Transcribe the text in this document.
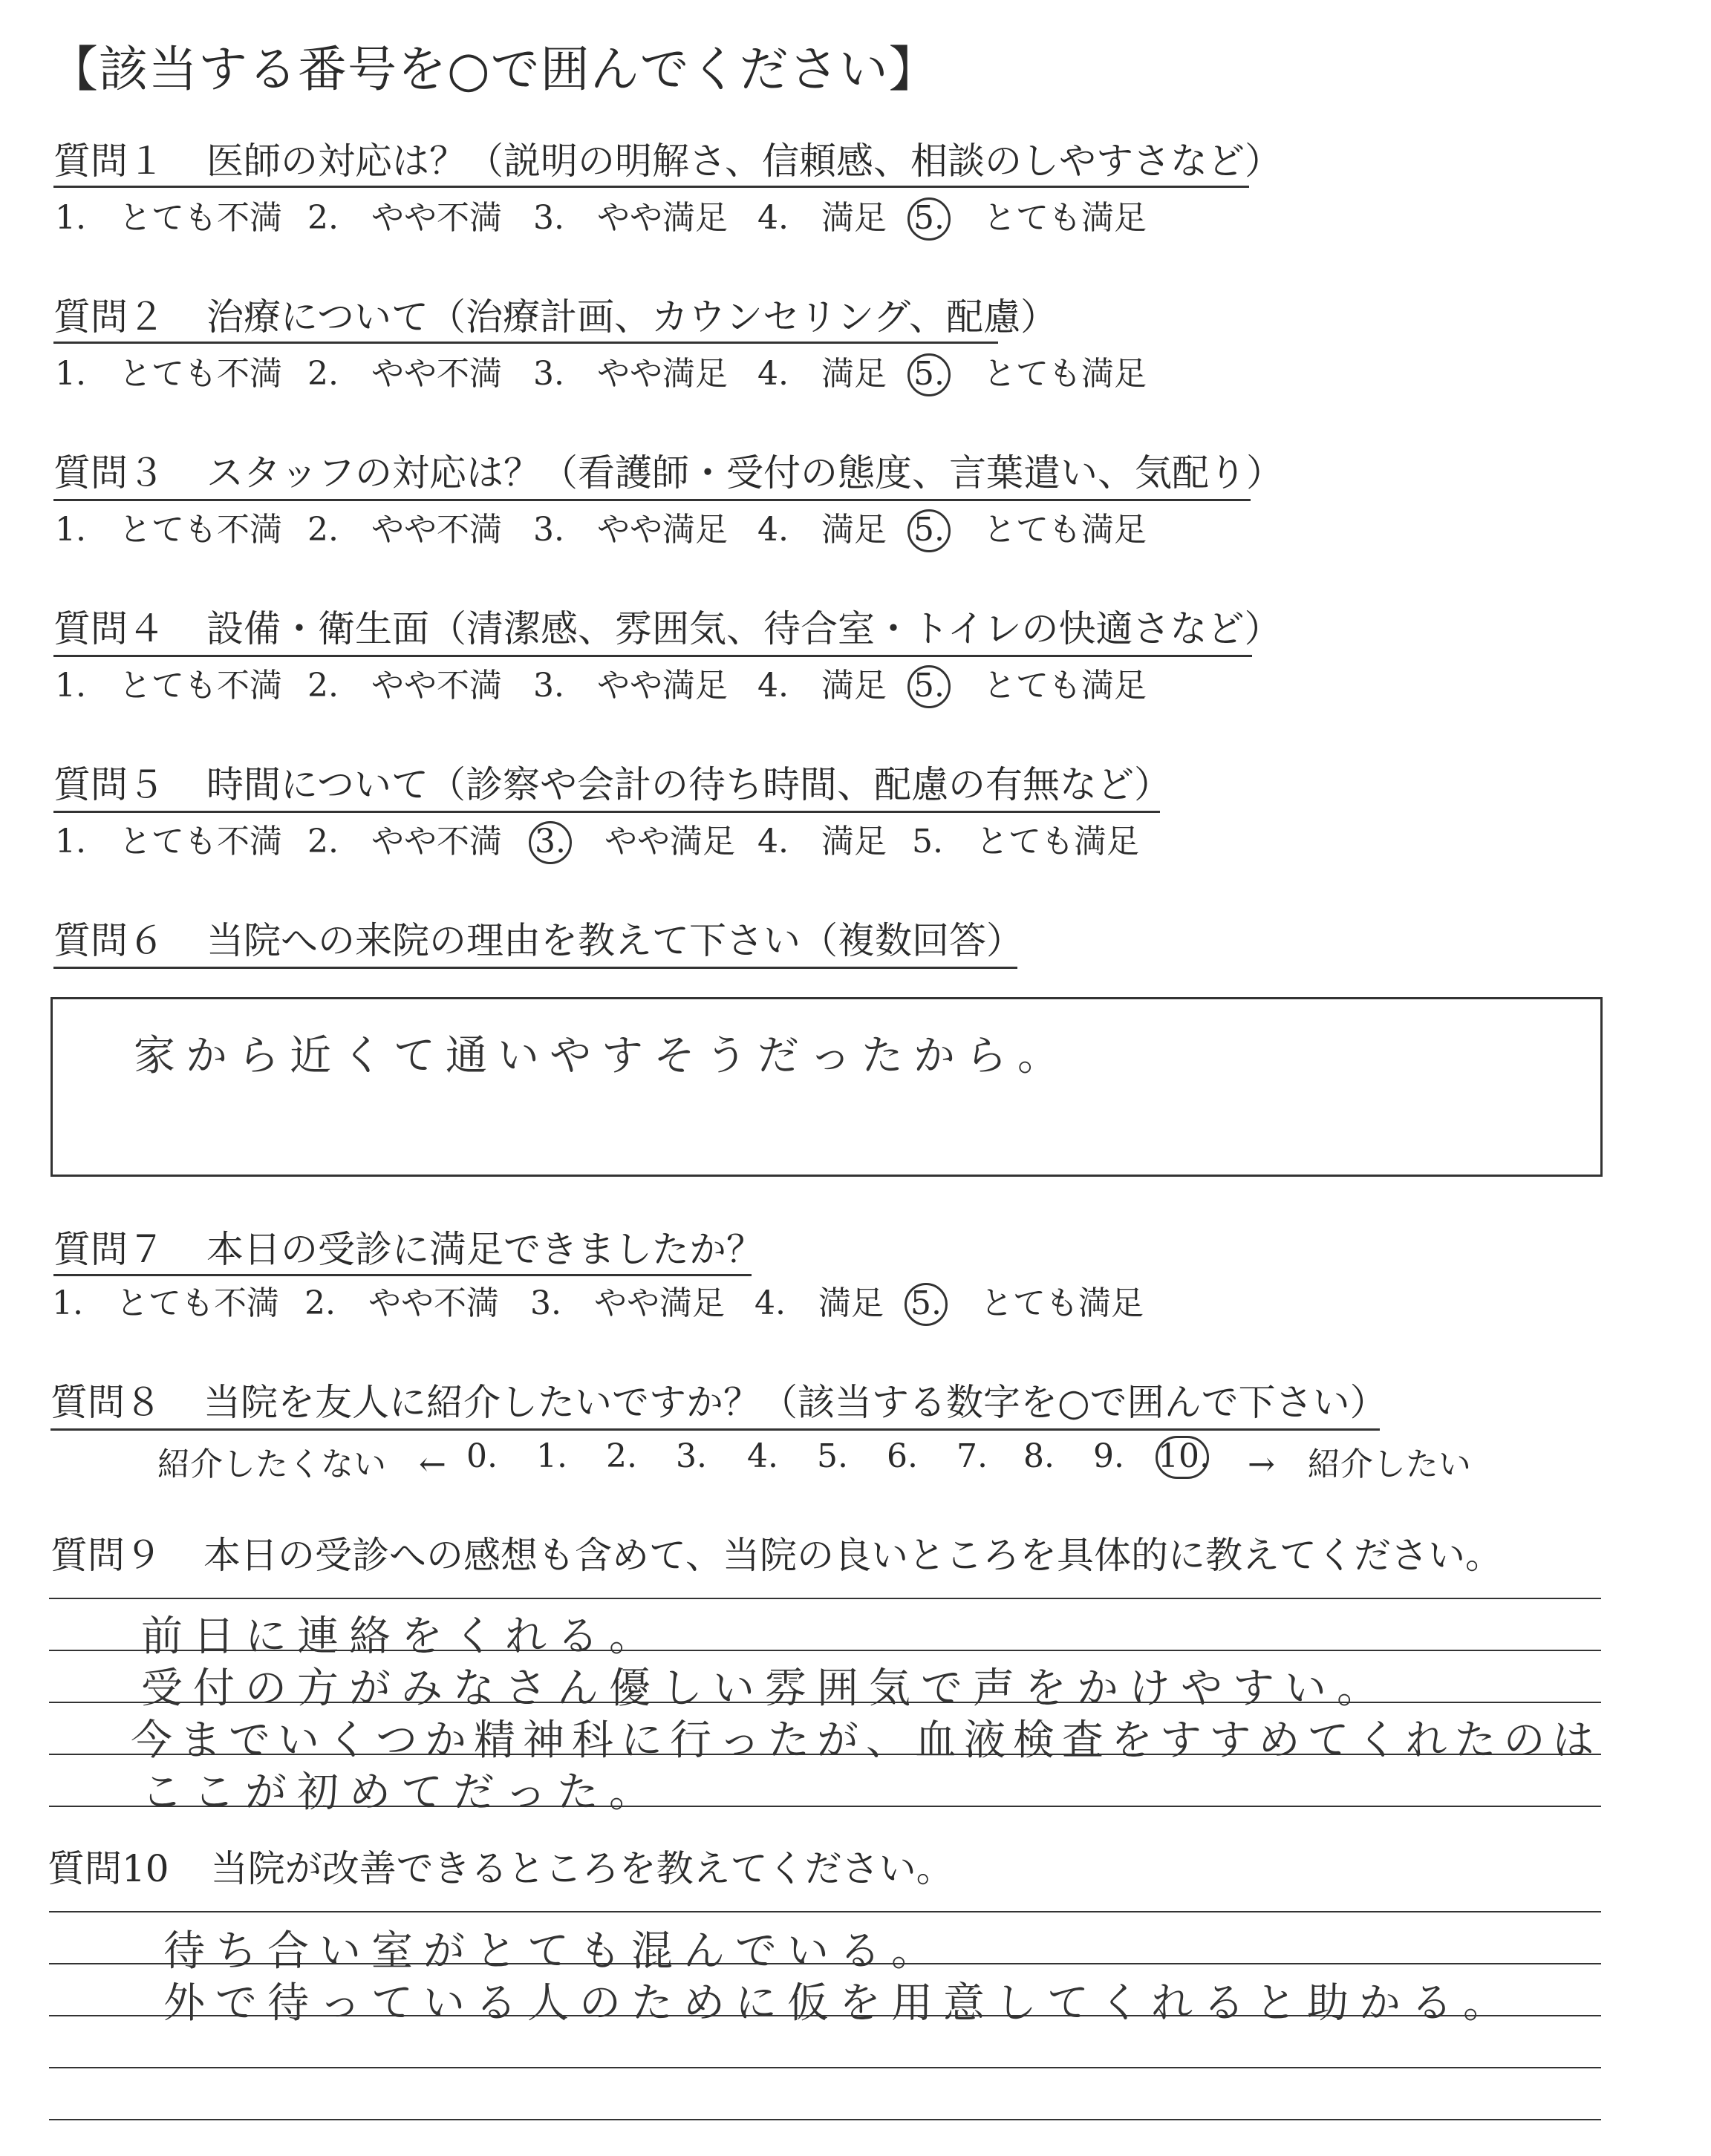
【該当する番号を○で囲んでください】
質問１ 医師の対応は？（説明の明解さ、信頼感、相談のしやすさなど）
1.　とても不満 2.　やや不満 3.　やや満足 4.　満足 5.　 とても満足
質問２ 治療について（治療計画、カウンセリング、配慮）
1.　とても不満 2.　やや不満 3.　やや満足 4.　満足 5.　 とても満足
質問３ スタッフの対応は？（看護師・受付の態度、言葉遣い、気配り）
1.　とても不満 2.　やや不満 3.　やや満足 4.　満足 5.　 とても満足
質問４ 設備・衛生面（清潔感、雰囲気、待合室・トイレの快適さなど）
1.　とても不満 2.　やや不満 3.　やや満足 4.　満足 5.　 とても満足
質問５ 時間について（診察や会計の待ち時間、配慮の有無など）
1.　とても不満 2.　やや不満 3.　 やや満足 4.　満足 5.　 とても満足
質問６ 当院への来院の理由を教えて下さい（複数回答）
家から近くて通いやすそうだったから。
質問７ 本日の受診に満足できましたか？
1.　とても不満 2.　やや不満 3.　やや満足 4.　満足 5.　 とても満足
質問８ 当院を友人に紹介したいですか？（該当する数字を○で囲んで下さい）
紹介したくない　← 0. 1. 2. 3. 4. 5. 6. 7. 8. 9. 10. →　紹介したい
質問９ 本日の受診への感想も含めて、当院の良いところを具体的に教えてください。
前日に連絡をくれる。
受付の方がみなさん優しい雰囲気で声をかけやすい。
今までいくつか精神科に行ったが、血液検査をすすめてくれたのは
ここが初めてだった。
質問10 当院が改善できるところを教えてください。
待ち合い室がとても混んでいる。
外で待っている人のために仮を用意してくれると助かる。
